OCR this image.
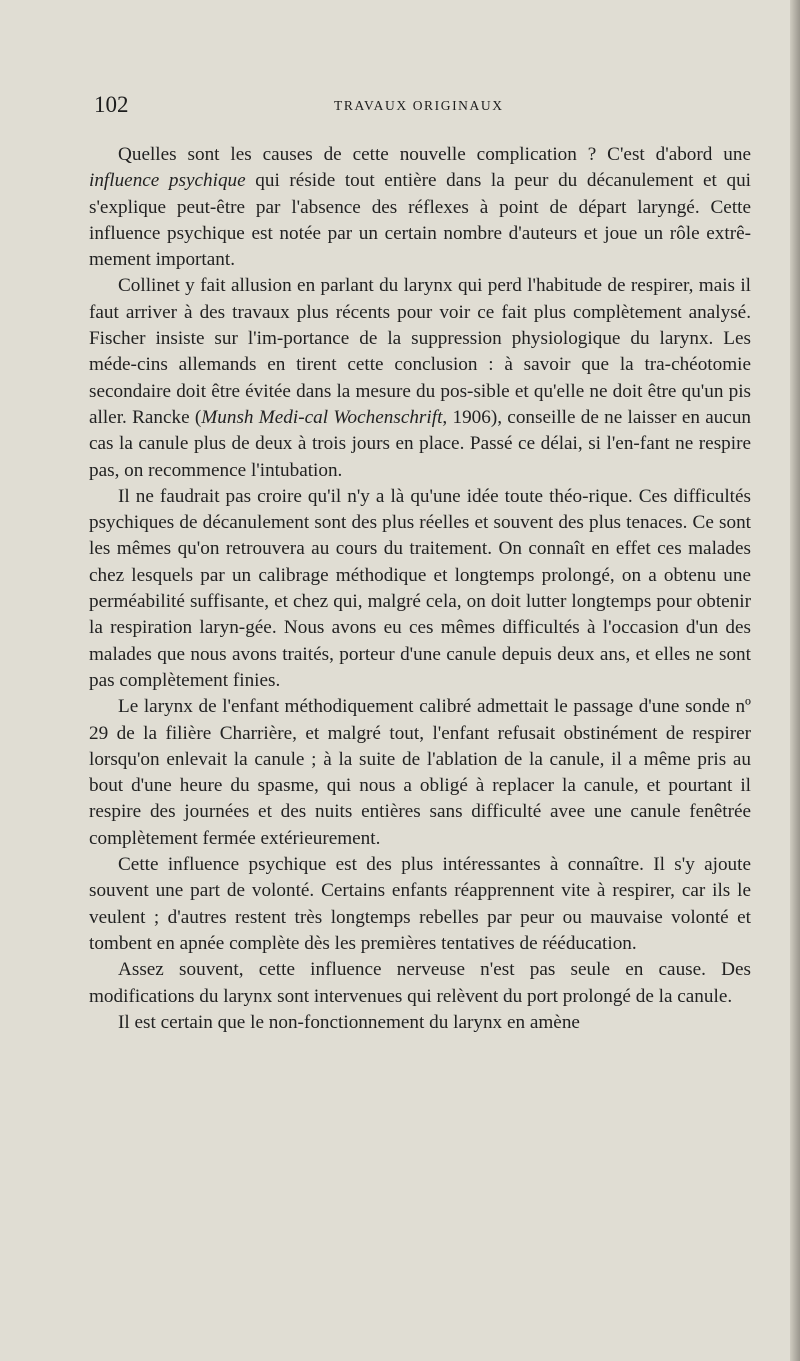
102	TRAVAUX ORIGINAUX

Quelles sont les causes de cette nouvelle complication ? C'est d'abord une influence psychique qui réside tout entière dans la peur du décanulement et qui s'explique peut-être par l'absence des réflexes à point de départ laryngé. Cette influence psychique est notée par un certain nombre d'auteurs et joue un rôle extrê-mement important.

Collinet y fait allusion en parlant du larynx qui perd l'habitude de respirer, mais il faut arriver à des travaux plus récents pour voir ce fait plus complètement analysé. Fischer insiste sur l'im-portance de la suppression physiologique du larynx. Les méde-cins allemands en tirent cette conclusion : à savoir que la tra-chéotomie secondaire doit être évitée dans la mesure du pos-sible et qu'elle ne doit être qu'un pis aller. Rancke (Munsh Medi-cal Wochenschrift, 1906), conseille de ne laisser en aucun cas la canule plus de deux à trois jours en place. Passé ce délai, si l'en-fant ne respire pas, on recommence l'intubation.

Il ne faudrait pas croire qu'il n'y a là qu'une idée toute théo-rique. Ces difficultés psychiques de décanulement sont des plus réelles et souvent des plus tenaces. Ce sont les mêmes qu'on retrouvera au cours du traitement. On connaît en effet ces malades chez lesquels par un calibrage méthodique et longtemps prolongé, on a obtenu une perméabilité suffisante, et chez qui, malgré cela, on doit lutter longtemps pour obtenir la respiration laryn-gée. Nous avons eu ces mêmes difficultés à l'occasion d'un des malades que nous avons traités, porteur d'une canule depuis deux ans, et elles ne sont pas complètement finies.

Le larynx de l'enfant méthodiquement calibré admettait le passage d'une sonde nº 29 de la filière Charrière, et malgré tout, l'enfant refusait obstinément de respirer lorsqu'on enlevait la canule ; à la suite de l'ablation de la canule, il a même pris au bout d'une heure du spasme, qui nous a obligé à replacer la canule, et pourtant il respire des journées et des nuits entières sans difficulté avee une canule fenêtrée complètement fermée extérieurement.

Cette influence psychique est des plus intéressantes à connaître. Il s'y ajoute souvent une part de volonté. Certains enfants réapprennent vite à respirer, car ils le veulent ; d'autres restent très longtemps rebelles par peur ou mauvaise volonté et tombent en apnée complète dès les premières tentatives de rééducation.

Assez souvent, cette influence nerveuse n'est pas seule en cause. Des modifications du larynx sont intervenues qui relèvent du port prolongé de la canule.

Il est certain que le non-fonctionnement du larynx en amène
